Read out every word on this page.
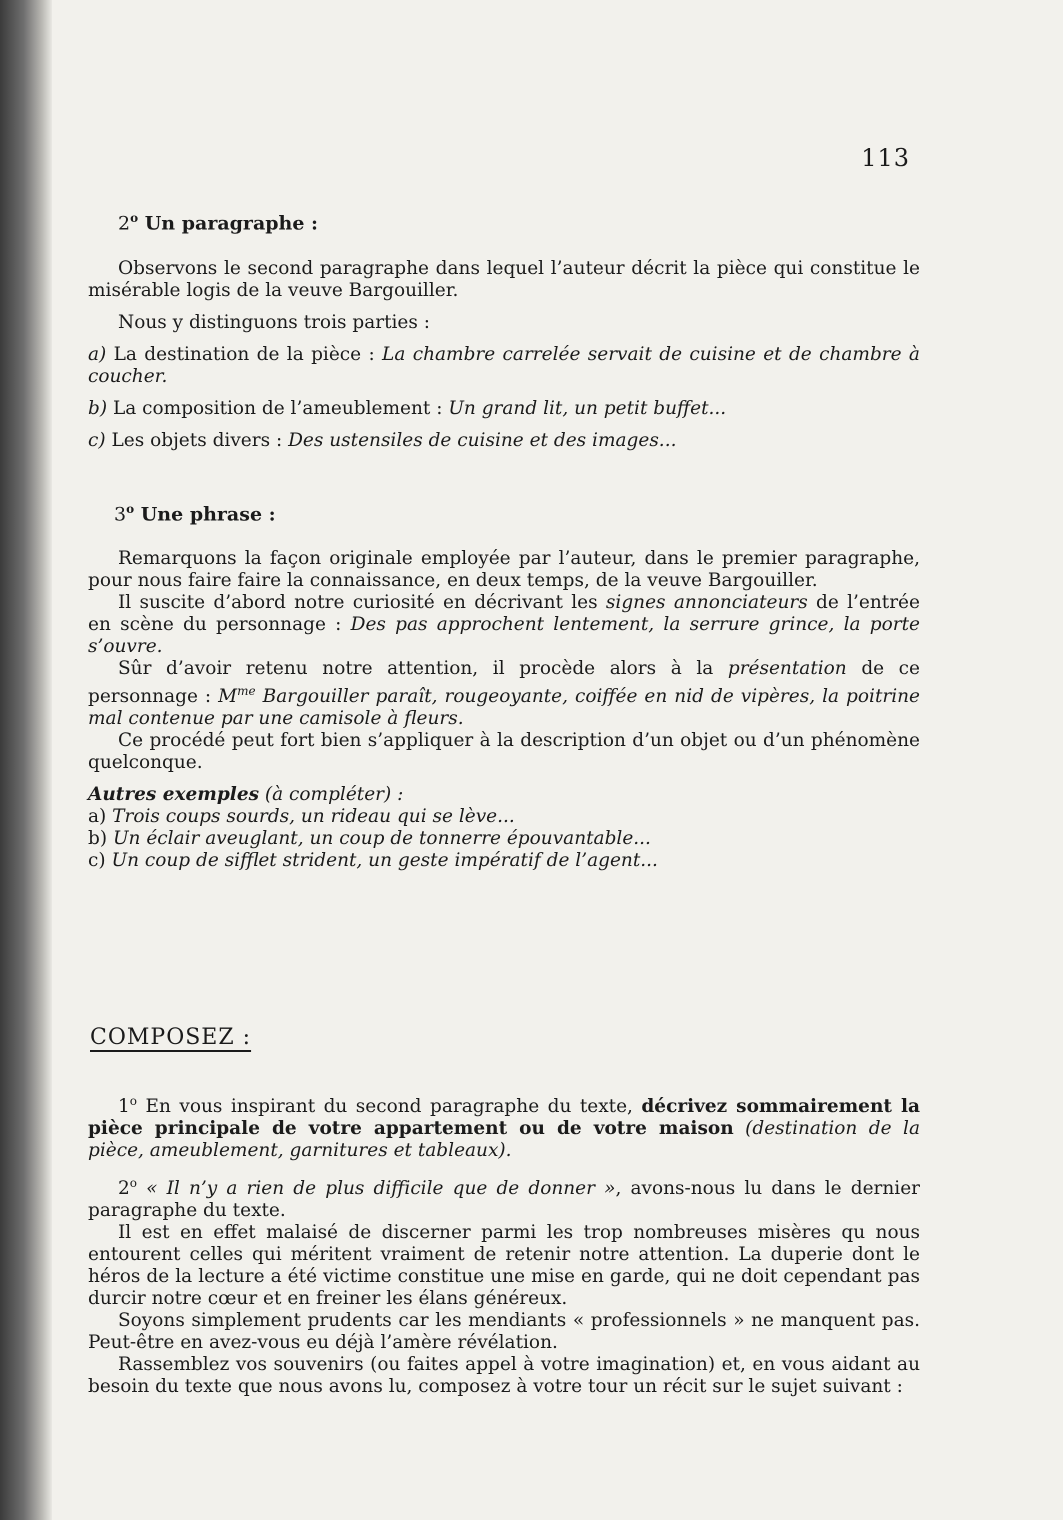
113
2$^o$ Un paragraphe :

Observons le second paragraphe dans lequel l’auteur décrit la pièce qui constitue le misérable logis de la veuve Bargouiller.

Nous y distinguons trois parties :

a) La destination de la pièce : La chambre carrelée servait de cuisine et de chambre à coucher.

b) La composition de l’ameublement : Un grand lit, un petit buffet...

c) Les objets divers : Des ustensiles de cuisine et des images...

3$^o$ Une phrase :

Remarquons la façon originale employée par l’auteur, dans le premier paragraphe, pour nous faire faire la connaissance, en deux temps, de la veuve Bargouiller.

Il suscite d’abord notre curiosité en décrivant les signes annonciateurs de l’entrée en scène du personnage : Des pas approchent lentement, la serrure grince, la porte s’ouvre.

Sûr d’avoir retenu notre attention, il procède alors à la présentation de ce personnage : $M^{me}$ Bargouiller paraît, rougeoyante, coiffée en nid de vipères, la poitrine mal contenue par une camisole à fleurs.

Ce procédé peut fort bien s’appliquer à la description d’un objet ou d’un phénomène quelconque.

Autres exemples (à compléter) :

a) Trois coups sourds, un rideau qui se lève...

b) Un éclair aveuglant, un coup de tonnerre épouvantable...

c) Un coup de sifflet strident, un geste impératif de l’agent...

COMPOSEZ :

1$^o$ En vous inspirant du second paragraphe du texte, décrivez sommairement la pièce principale de votre appartement ou de votre maison (destination de la pièce, ameublement, garnitures et tableaux).

2$^o$ « Il n’y a rien de plus difficile que de donner », avons-nous lu dans le dernier paragraphe du texte.

Il est en effet malaisé de discerner parmi les trop nombreuses misères qu nous entourent celles qui méritent vraiment de retenir notre attention. La duperie dont le héros de la lecture a été victime constitue une mise en garde, qui ne doit cependant pas durcir notre cœur et en freiner les élans généreux.

Soyons simplement prudents car les mendiants « professionnels » ne manquent pas. Peut-être en avez-vous eu déjà l’amère révélation.

Rassemblez vos souvenirs (ou faites appel à votre imagination) et, en vous aidant au besoin du texte que nous avons lu, composez à votre tour un récit sur le sujet suivant :
